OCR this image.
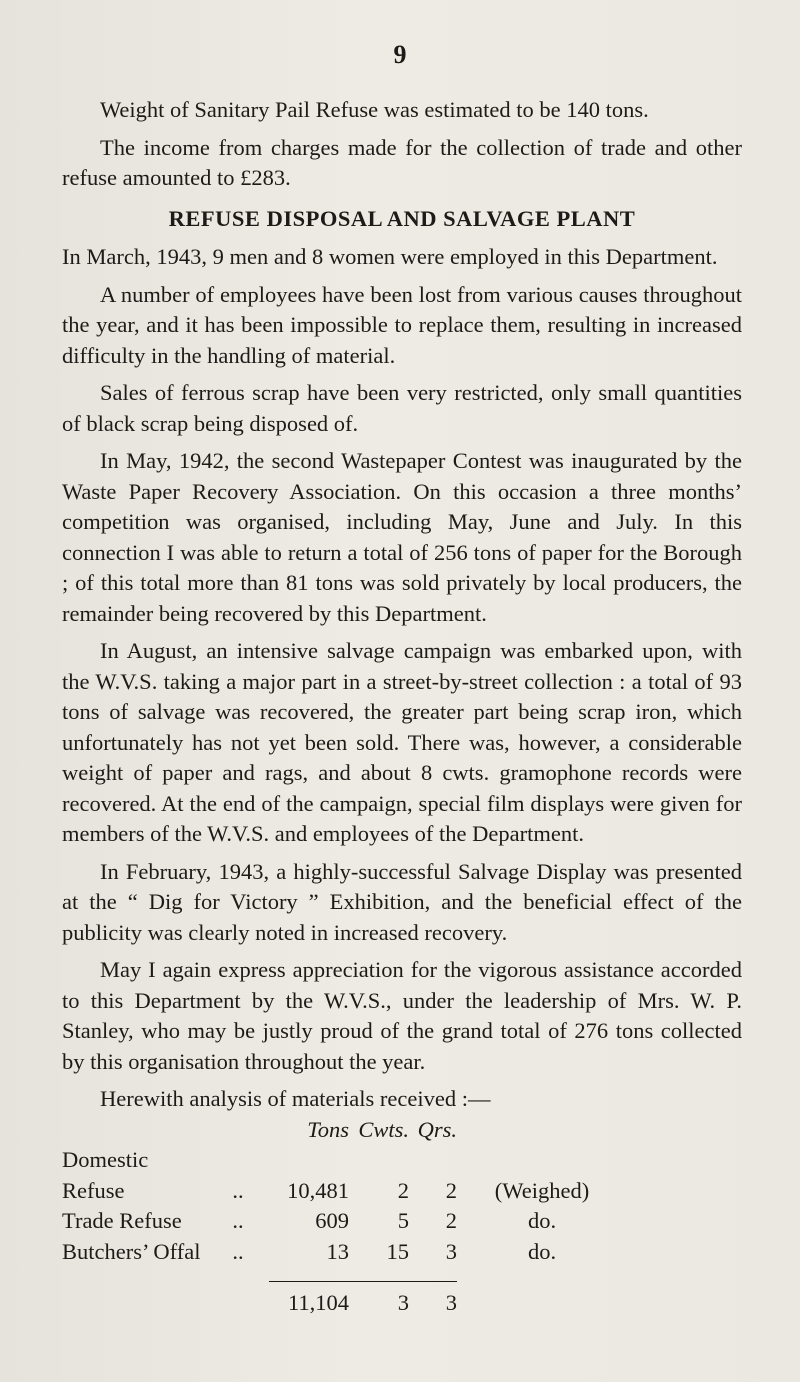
9

Weight of Sanitary Pail Refuse was estimated to be 140 tons.

The income from charges made for the collection of trade and other refuse amounted to £283.

REFUSE DISPOSAL AND SALVAGE PLANT

In March, 1943, 9 men and 8 women were employed in this Department.

A number of employees have been lost from various causes throughout the year, and it has been impossible to replace them, resulting in increased difficulty in the handling of material.

Sales of ferrous scrap have been very restricted, only small quantities of black scrap being disposed of.

In May, 1942, the second Wastepaper Contest was inaugurated by the Waste Paper Recovery Association. On this occasion a three months’ competition was organised, including May, June and July. In this connection I was able to return a total of 256 tons of paper for the Borough ; of this total more than 81 tons was sold privately by local producers, the remainder being recovered by this Department.

In August, an intensive salvage campaign was embarked upon, with the W.V.S. taking a major part in a street-by-street collection : a total of 93 tons of salvage was recovered, the greater part being scrap iron, which unfortunately has not yet been sold. There was, however, a considerable weight of paper and rags, and about 8 cwts. gramophone records were recovered. At the end of the campaign, special film displays were given for members of the W.V.S. and employees of the Department.

In February, 1943, a highly-successful Salvage Display was presented at the “ Dig for Victory ” Exhibition, and the beneficial effect of the publicity was clearly noted in increased recovery.

May I again express appreciation for the vigorous assistance accorded to this Department by the W.V.S., under the leadership of Mrs. W. P. Stanley, who may be justly proud of the grand total of 276 tons collected by this organisation throughout the year.

Herewith analysis of materials received :—

		Tons	Cwts.	Qrs.	
Domestic Refuse	..	10,481	2	2	(Weighed)
Trade Refuse	..	609	5	2	do.
Butchers’ Offal	..	13	15	3	do.

		11,104	3	3	
